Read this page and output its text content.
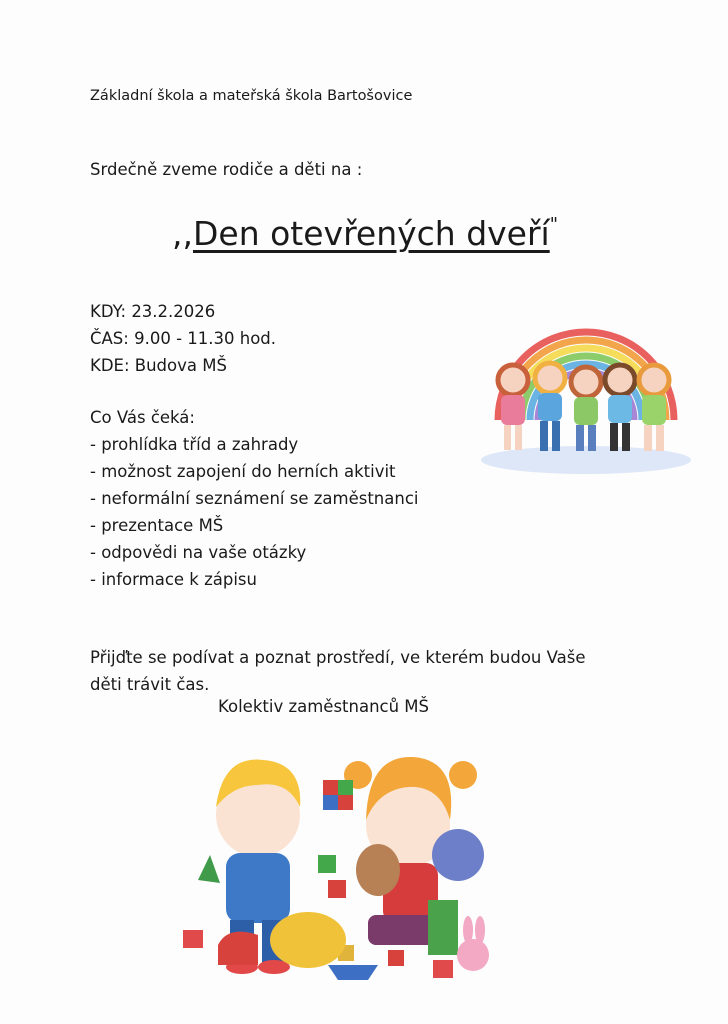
Základní škola a mateřská škola Bartošovice
Srdečně zveme rodiče a děti na :
,,Den otevřených dveří"
KDY: 23.2.2026
ČAS: 9.00 - 11.30 hod.
KDE: Budova MŠ
Co Vás čeká:
- prohlídka tříd a zahrady
- možnost zapojení do herních aktivit
- neformální seznámení se zaměstnanci
- prezentace MŠ
- odpovědi na vaše otázky
- informace k zápisu
Přijďte se podívat a poznat prostředí, ve kterém budou Vaše
děti trávit čas.
Kolektiv zaměstnanců MŠ
